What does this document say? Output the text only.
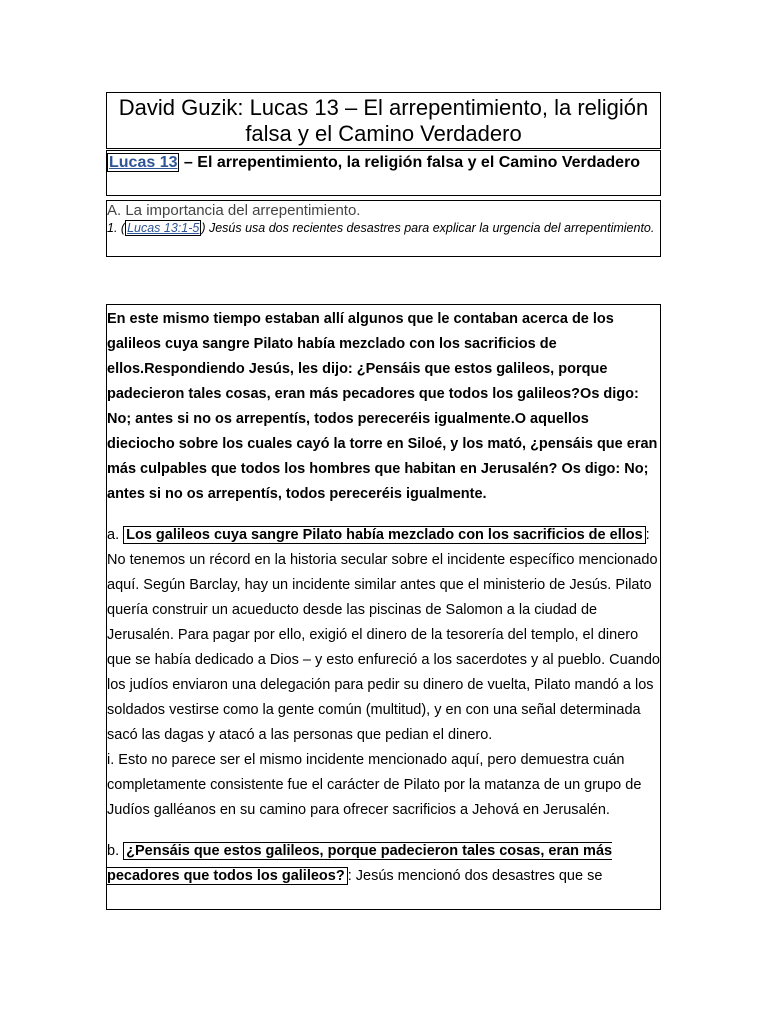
David Guzik: Lucas 13 – El arrepentimiento, la religión falsa y el Camino Verdadero
Lucas 13 – El arrepentimiento, la religión falsa y el Camino Verdadero
A. La importancia del arrepentimiento.
1. ( Lucas 13:1-5 ) Jesús usa dos recientes desastres para explicar la urgencia del arrepentimiento.
En este mismo tiempo estaban allí algunos que le contaban acerca de los galileos cuya sangre Pilato había mezclado con los sacrificios de ellos.Respondiendo Jesús, les dijo: ¿Pensáis que estos galileos, porque padecieron tales cosas, eran más pecadores que todos los galileos?Os digo: No; antes si no os arrepentís, todos pereceréis igualmente.O aquellos dieciocho sobre los cuales cayó la torre en Siloé, y los mató, ¿pensáis que eran más culpables que todos los hombres que habitan en Jerusalén? Os digo: No; antes si no os arrepentís, todos pereceréis igualmente.
a. Los galileos cuya sangre Pilato había mezclado con los sacrificios de ellos : No tenemos un récord en la historia secular sobre el incidente específico mencionado aquí. Según Barclay, hay un incidente similar antes que el ministerio de Jesús. Pilato quería construir un acueducto desde las piscinas de Salomon a la ciudad de Jerusalén. Para pagar por ello, exigió el dinero de la tesorería del templo, el dinero que se había dedicado a Dios – y esto enfureció a los sacerdotes y al pueblo. Cuando los judíos enviaron una delegación para pedir su dinero de vuelta, Pilato mandó a los soldados vestirse como la gente común (multitud), y en con una señal determinada sacó las dagas y atacó a las personas que pedian el dinero.
i. Esto no parece ser el mismo incidente mencionado aquí, pero demuestra cuán completamente consistente fue el carácter de Pilato por la matanza de un grupo de Judíos galléanos en su camino para ofrecer sacrificios a Jehová en Jerusalén.
b. ¿Pensáis que estos galileos, porque padecieron tales cosas, eran más pecadores que todos los galileos? : Jesús mencionó dos desastres que se
